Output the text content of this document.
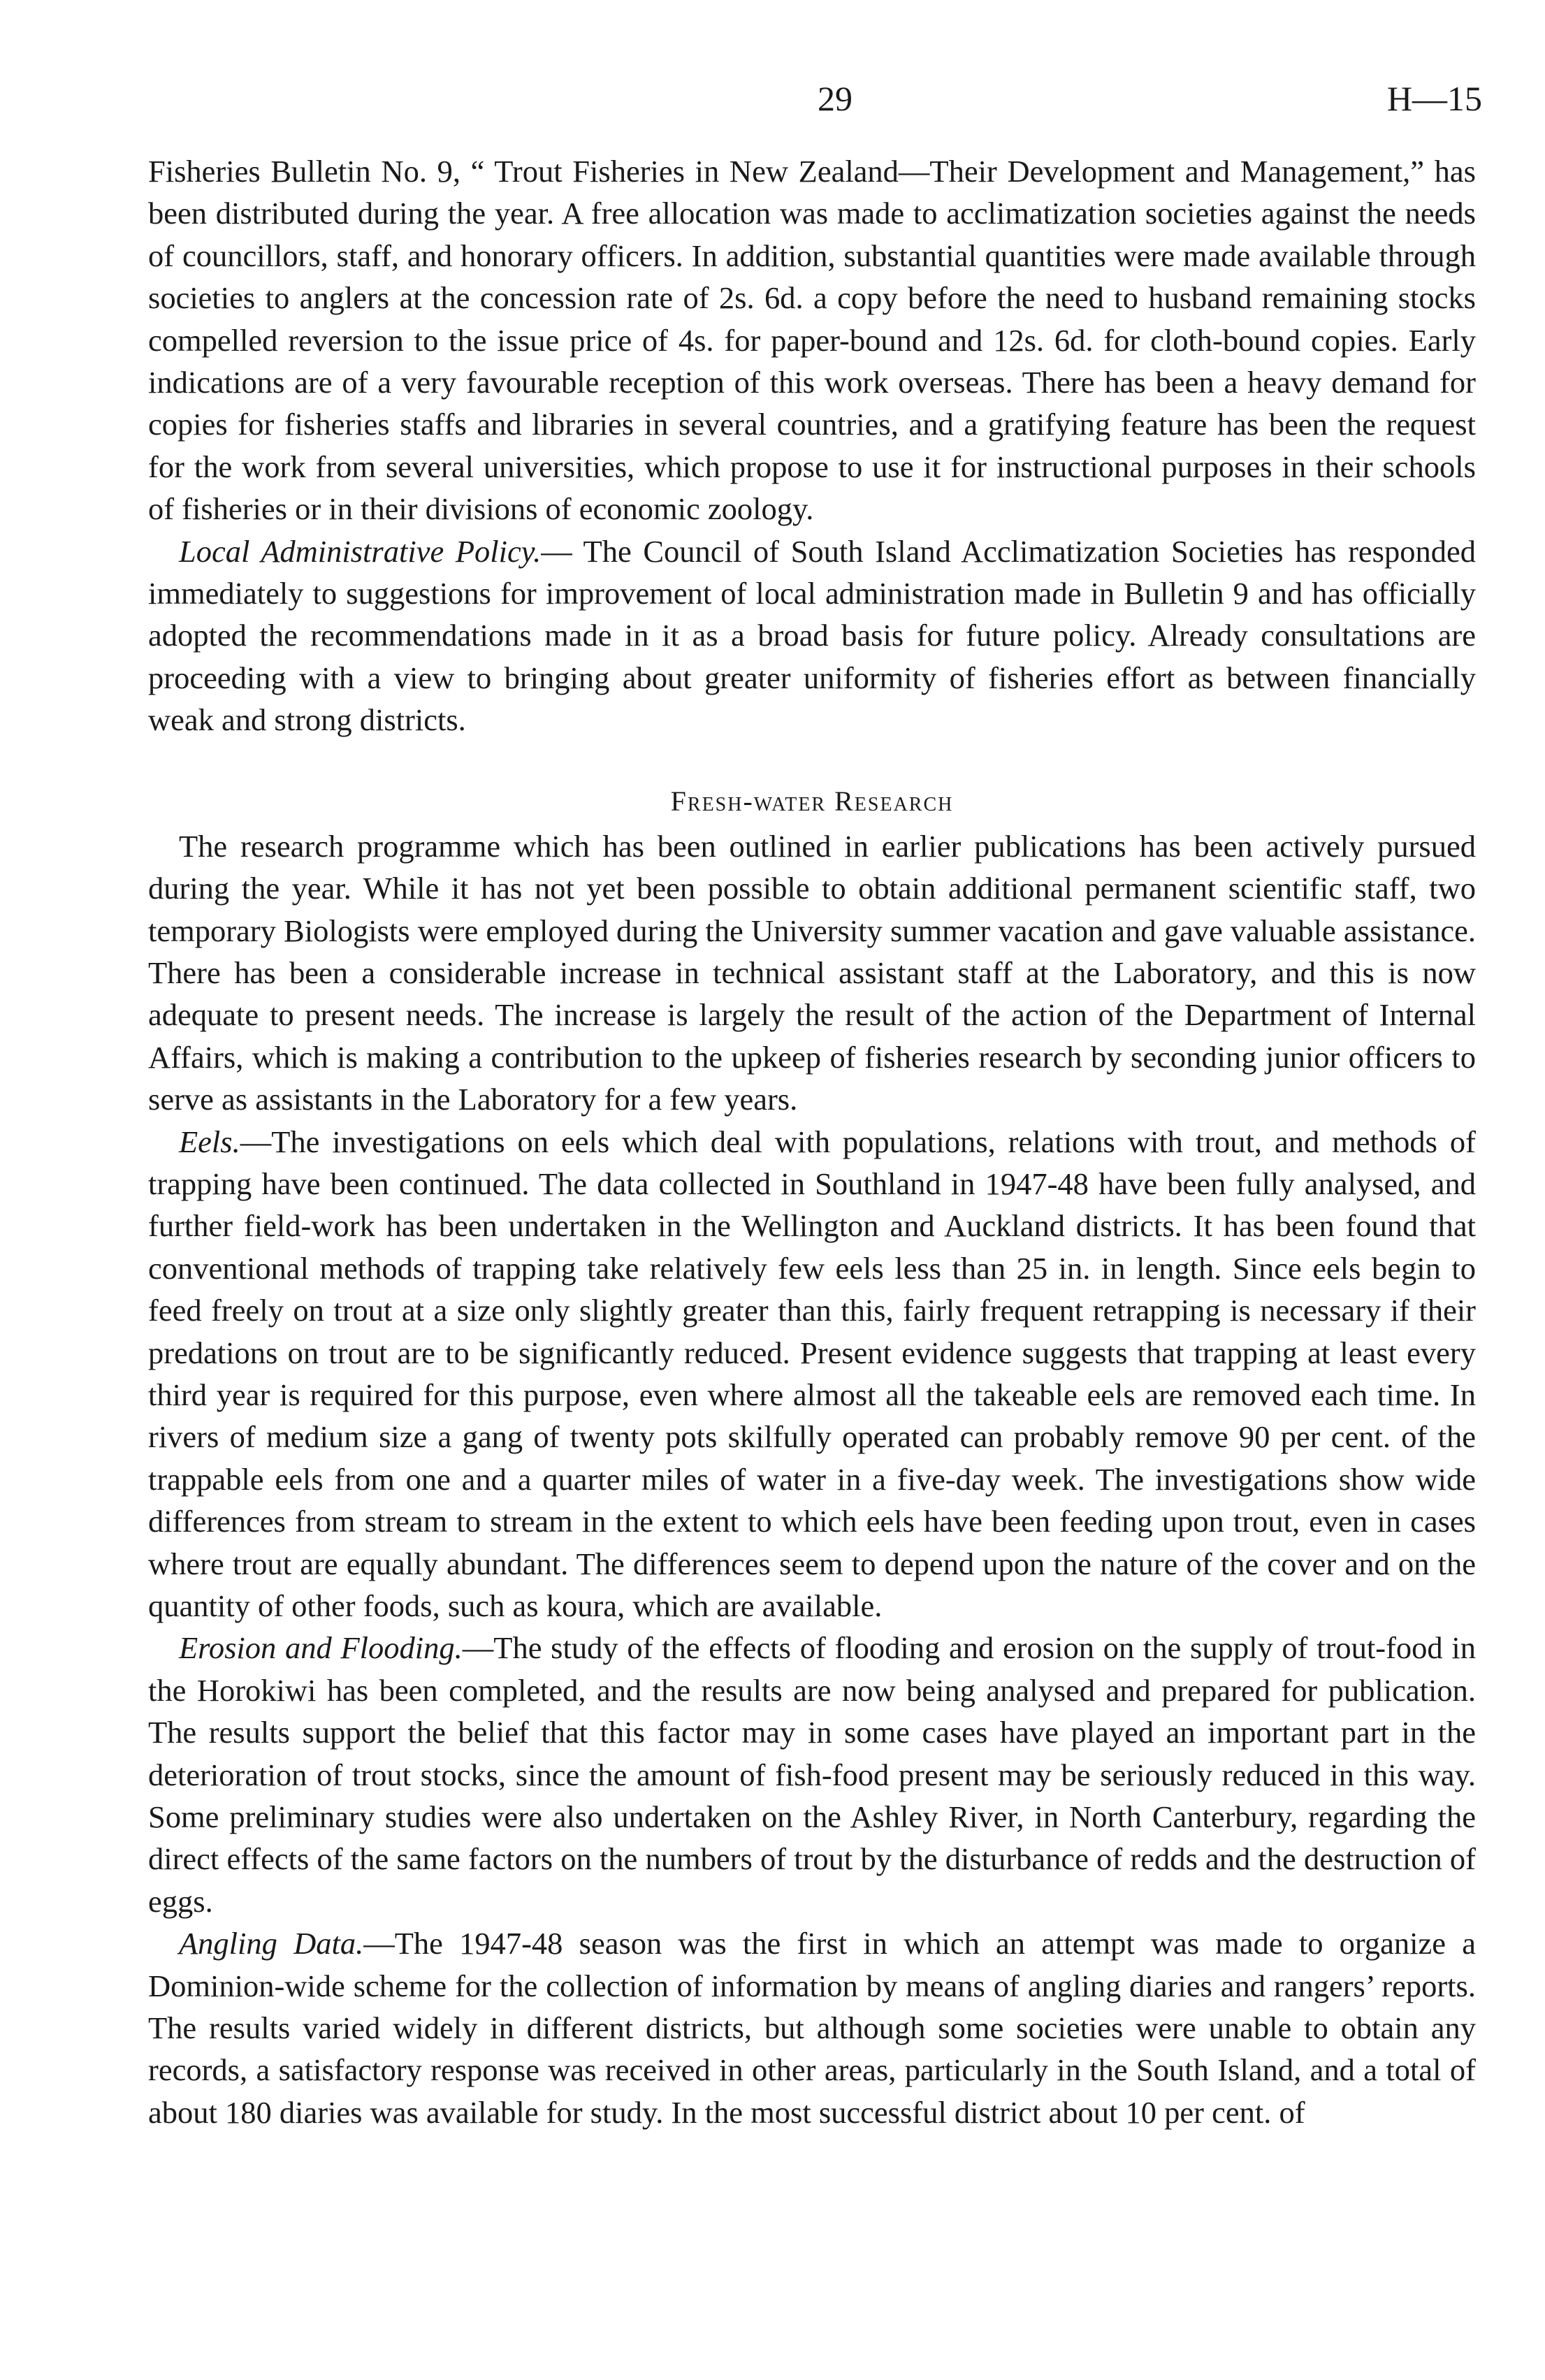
29	H—15

Fisheries Bulletin No. 9, “ Trout Fisheries in New Zealand—Their Development and Management,” has been distributed during the year. A free allocation was made to acclimatization societies against the needs of councillors, staff, and honorary officers. In addition, substantial quantities were made available through societies to anglers at the concession rate of 2s. 6d. a copy before the need to husband remaining stocks compelled reversion to the issue price of 4s. for paper-bound and 12s. 6d. for cloth-bound copies. Early indications are of a very favourable reception of this work overseas. There has been a heavy demand for copies for fisheries staffs and libraries in several countries, and a gratifying feature has been the request for the work from several universities, which propose to use it for instructional purposes in their schools of fisheries or in their divisions of economic zoology.

Local Administrative Policy.— The Council of South Island Acclimatization Societies has responded immediately to suggestions for improvement of local administration made in Bulletin 9 and has officially adopted the recommendations made in it as a broad basis for future policy. Already consultations are proceeding with a view to bringing about greater uniformity of fisheries effort as between financially weak and strong districts.

Fresh-water Research

The research programme which has been outlined in earlier publications has been actively pursued during the year. While it has not yet been possible to obtain additional permanent scientific staff, two temporary Biologists were employed during the University summer vacation and gave valuable assistance. There has been a considerable increase in technical assistant staff at the Laboratory, and this is now adequate to present needs. The increase is largely the result of the action of the Department of Internal Affairs, which is making a contribution to the upkeep of fisheries research by seconding junior officers to serve as assistants in the Laboratory for a few years.

Eels.—The investigations on eels which deal with populations, relations with trout, and methods of trapping have been continued. The data collected in Southland in 1947-48 have been fully analysed, and further field-work has been undertaken in the Wellington and Auckland districts. It has been found that conventional methods of trapping take relatively few eels less than 25 in. in length. Since eels begin to feed freely on trout at a size only slightly greater than this, fairly frequent retrapping is necessary if their predations on trout are to be significantly reduced. Present evidence suggests that trapping at least every third year is required for this purpose, even where almost all the takeable eels are removed each time. In rivers of medium size a gang of twenty pots skilfully operated can probably remove 90 per cent. of the trappable eels from one and a quarter miles of water in a five-day week. The investigations show wide differences from stream to stream in the extent to which eels have been feeding upon trout, even in cases where trout are equally abundant. The differences seem to depend upon the nature of the cover and on the quantity of other foods, such as koura, which are available.

Erosion and Flooding.—The study of the effects of flooding and erosion on the supply of trout-food in the Horokiwi has been completed, and the results are now being analysed and prepared for publication. The results support the belief that this factor may in some cases have played an important part in the deterioration of trout stocks, since the amount of fish-food present may be seriously reduced in this way. Some preliminary studies were also undertaken on the Ashley River, in North Canterbury, regarding the direct effects of the same factors on the numbers of trout by the disturbance of redds and the destruction of eggs.

Angling Data.—The 1947-48 season was the first in which an attempt was made to organize a Dominion-wide scheme for the collection of information by means of angling diaries and rangers’ reports. The results varied widely in different districts, but although some societies were unable to obtain any records, a satisfactory response was received in other areas, particularly in the South Island, and a total of about 180 diaries was available for study. In the most successful district about 10 per cent. of
